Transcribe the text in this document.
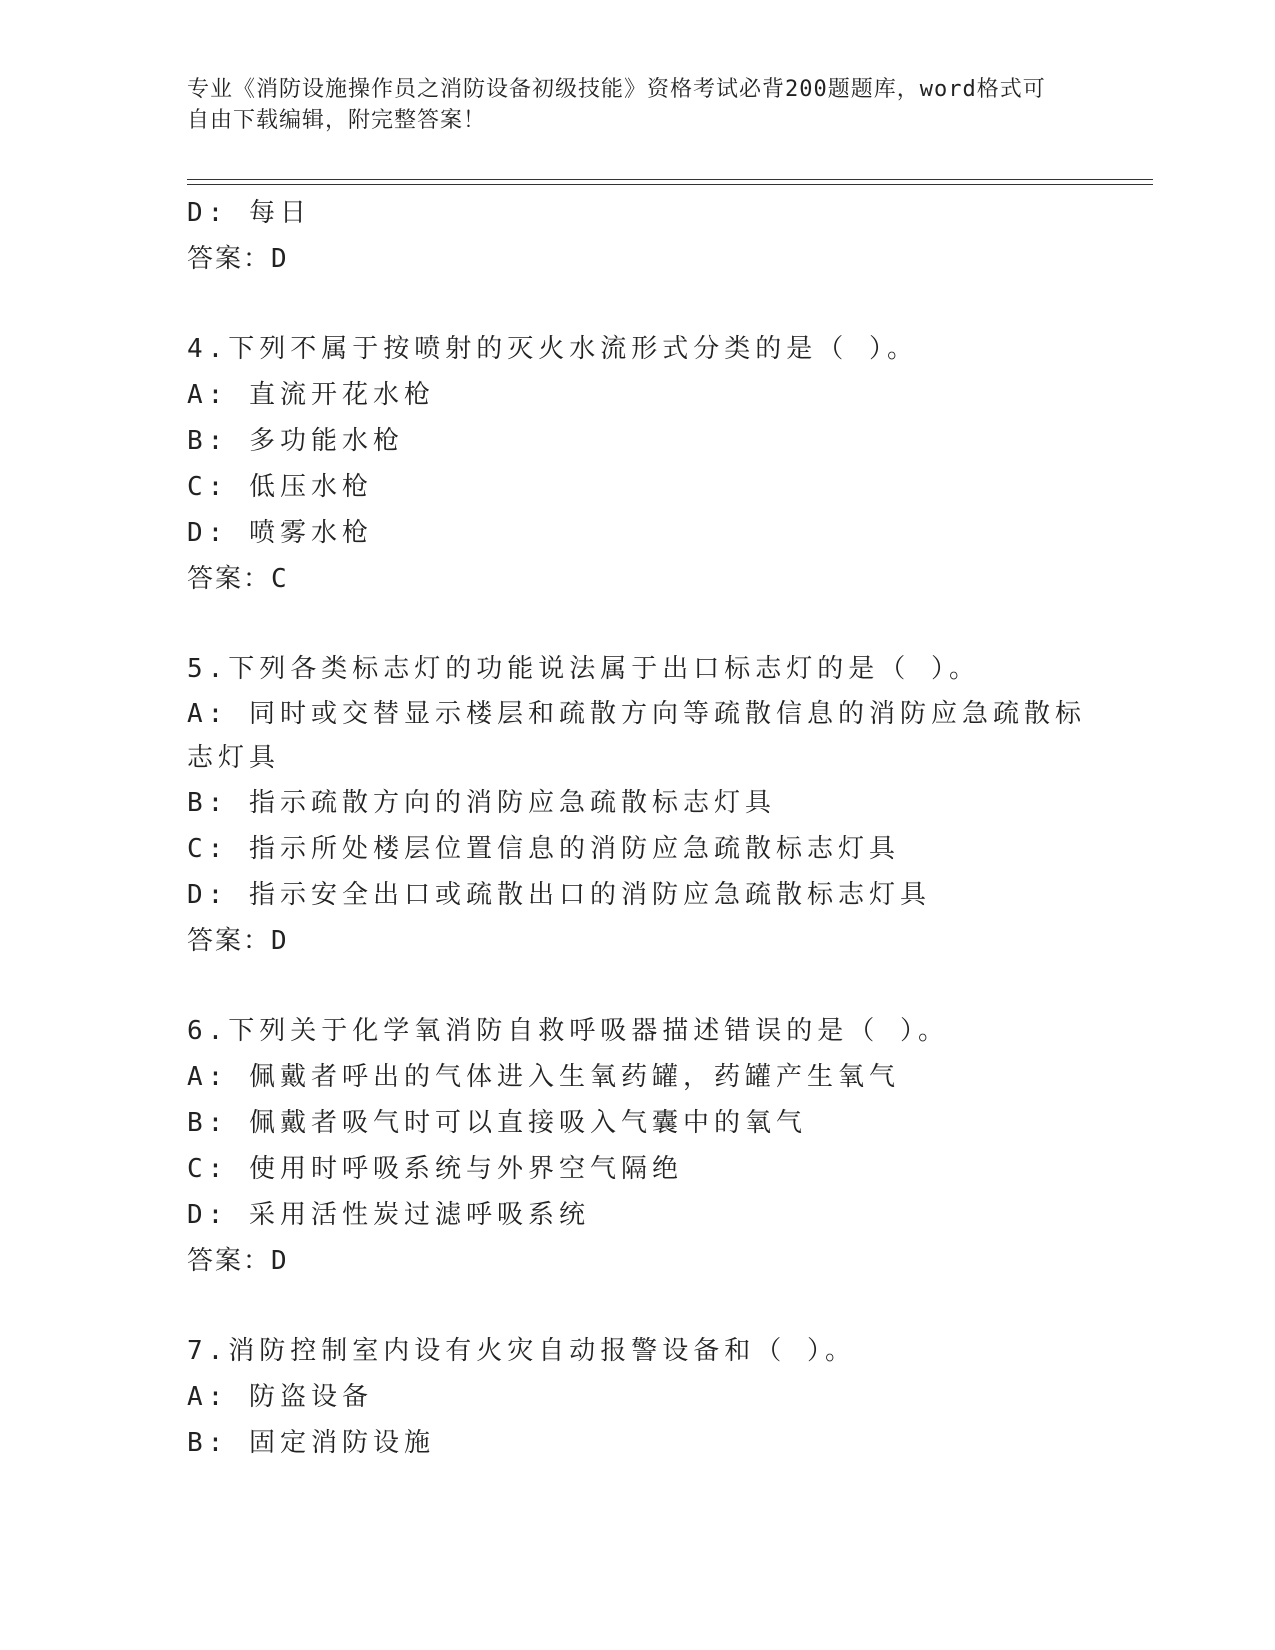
专业《消防设施操作员之消防设备初级技能》资格考试必背200题题库，word格式可自由下载编辑，附完整答案！
D: 每日
答案：D
4.下列不属于按喷射的灭火水流形式分类的是（ ）。
A: 直流开花水枪
B: 多功能水枪
C: 低压水枪
D: 喷雾水枪
答案：C
5.下列各类标志灯的功能说法属于出口标志灯的是（ ）。
A: 同时或交替显示楼层和疏散方向等疏散信息的消防应急疏散标志灯具
B: 指示疏散方向的消防应急疏散标志灯具
C: 指示所处楼层位置信息的消防应急疏散标志灯具
D: 指示安全出口或疏散出口的消防应急疏散标志灯具
答案：D
6.下列关于化学氧消防自救呼吸器描述错误的是（ ）。
A: 佩戴者呼出的气体进入生氧药罐，药罐产生氧气
B: 佩戴者吸气时可以直接吸入气囊中的氧气
C: 使用时呼吸系统与外界空气隔绝
D: 采用活性炭过滤呼吸系统
答案：D
7.消防控制室内设有火灾自动报警设备和（ ）。
A: 防盗设备
B: 固定消防设施
